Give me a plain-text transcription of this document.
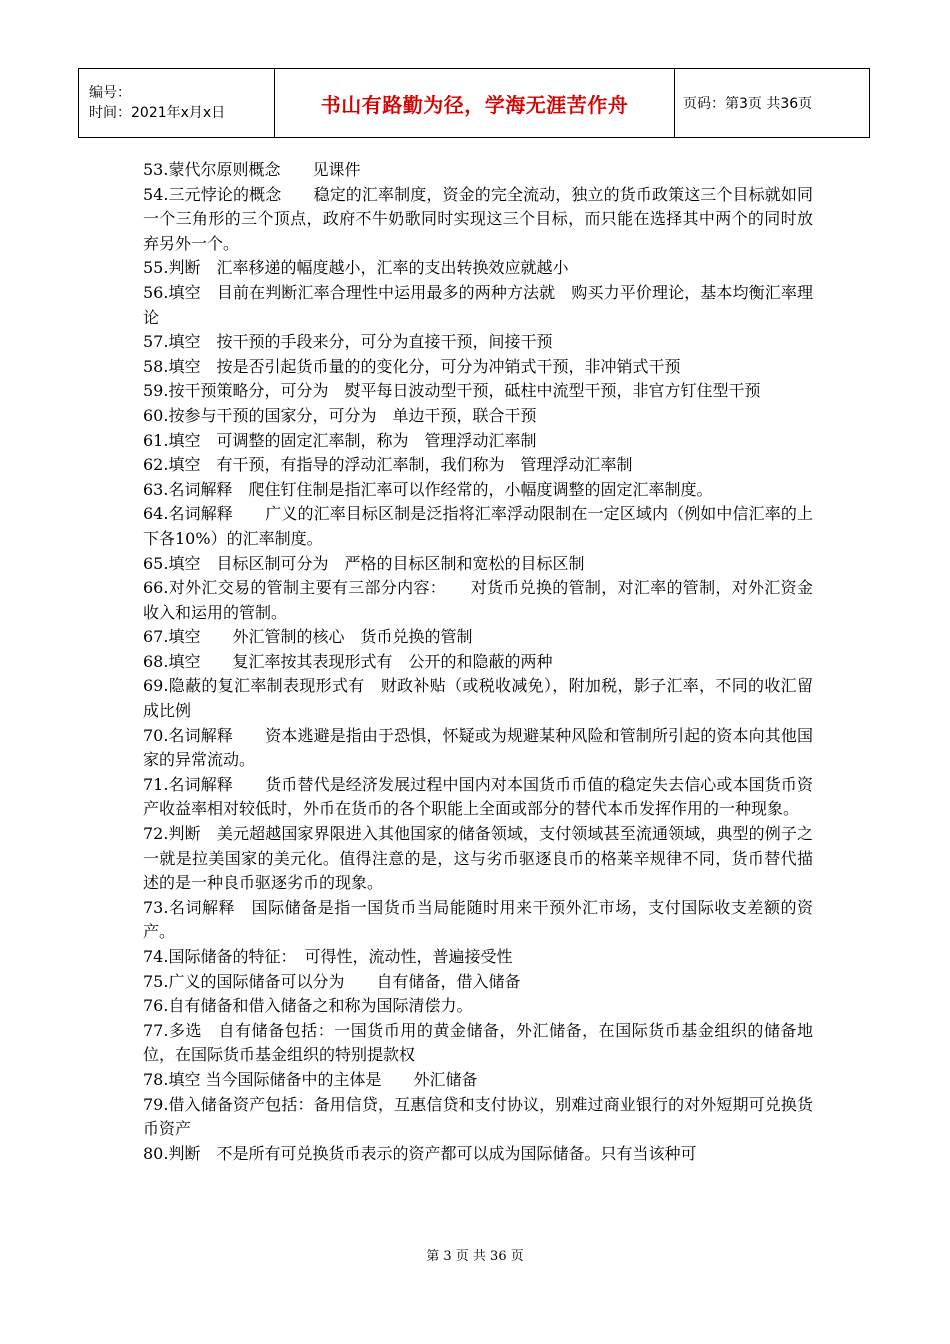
编号：
时间：2021年x月x日	书山有路勤为径，学海无涯苦作舟	页码：第3页 共36页

53.蒙代尔原则概念　　见课件

54.三元悖论的概念　　稳定的汇率制度，资金的完全流动，独立的货币政策这三个目标就如同一个三角形的三个顶点，政府不牛奶歌同时实现这三个目标，而只能在选择其中两个的同时放弃另外一个。

55.判断　汇率移递的幅度越小，汇率的支出转换效应就越小

56.填空　目前在判断汇率合理性中运用最多的两种方法就　购买力平价理论，基本均衡汇率理论

57.填空　按干预的手段来分，可分为直接干预，间接干预

58.填空　按是否引起货币量的的变化分，可分为冲销式干预，非冲销式干预

59.按干预策略分，可分为　熨平每日波动型干预，砥柱中流型干预，非官方钉住型干预

60.按参与干预的国家分，可分为　单边干预，联合干预

61.填空　可调整的固定汇率制，称为　管理浮动汇率制

62.填空　有干预，有指导的浮动汇率制，我们称为　管理浮动汇率制

63.名词解释　爬住钉住制是指汇率可以作经常的，小幅度调整的固定汇率制度。

64.名词解释　　广义的汇率目标区制是泛指将汇率浮动限制在一定区域内（例如中信汇率的上下各10%）的汇率制度。

65.填空　目标区制可分为　严格的目标区制和宽松的目标区制

66.对外汇交易的管制主要有三部分内容：　　对货币兑换的管制，对汇率的管制，对外汇资金收入和运用的管制。

67.填空　　外汇管制的核心　货币兑换的管制

68.填空　　复汇率按其表现形式有　公开的和隐蔽的两种

69.隐蔽的复汇率制表现形式有　财政补贴（或税收减免），附加税，影子汇率，不同的收汇留成比例

70.名词解释　　资本逃避是指由于恐惧，怀疑或为规避某种风险和管制所引起的资本向其他国家的异常流动。

71.名词解释　　货币替代是经济发展过程中国内对本国货币币值的稳定失去信心或本国货币资产收益率相对较低时，外币在货币的各个职能上全面或部分的替代本币发挥作用的一种现象。

72.判断　美元超越国家界限进入其他国家的储备领域，支付领域甚至流通领域，典型的例子之一就是拉美国家的美元化。值得注意的是，这与劣币驱逐良币的格莱辛规律不同，货币替代描述的是一种良币驱逐劣币的现象。

73.名词解释　国际储备是指一国货币当局能随时用来干预外汇市场，支付国际收支差额的资产。

74.国际储备的特征：　可得性，流动性，普遍接受性

75.广义的国际储备可以分为　　自有储备，借入储备

76.自有储备和借入储备之和称为国际清偿力。

77.多选　自有储备包括：一国货币用的黄金储备，外汇储备，在国际货币基金组织的储备地位，在国际货币基金组织的特别提款权

78.填空 当今国际储备中的主体是　　外汇储备

79.借入储备资产包括：备用信贷，互惠信贷和支付协议，别难过商业银行的对外短期可兑换货币资产

80.判断　不是所有可兑换货币表示的资产都可以成为国际储备。只有当该种可

第 3 页 共 36 页
